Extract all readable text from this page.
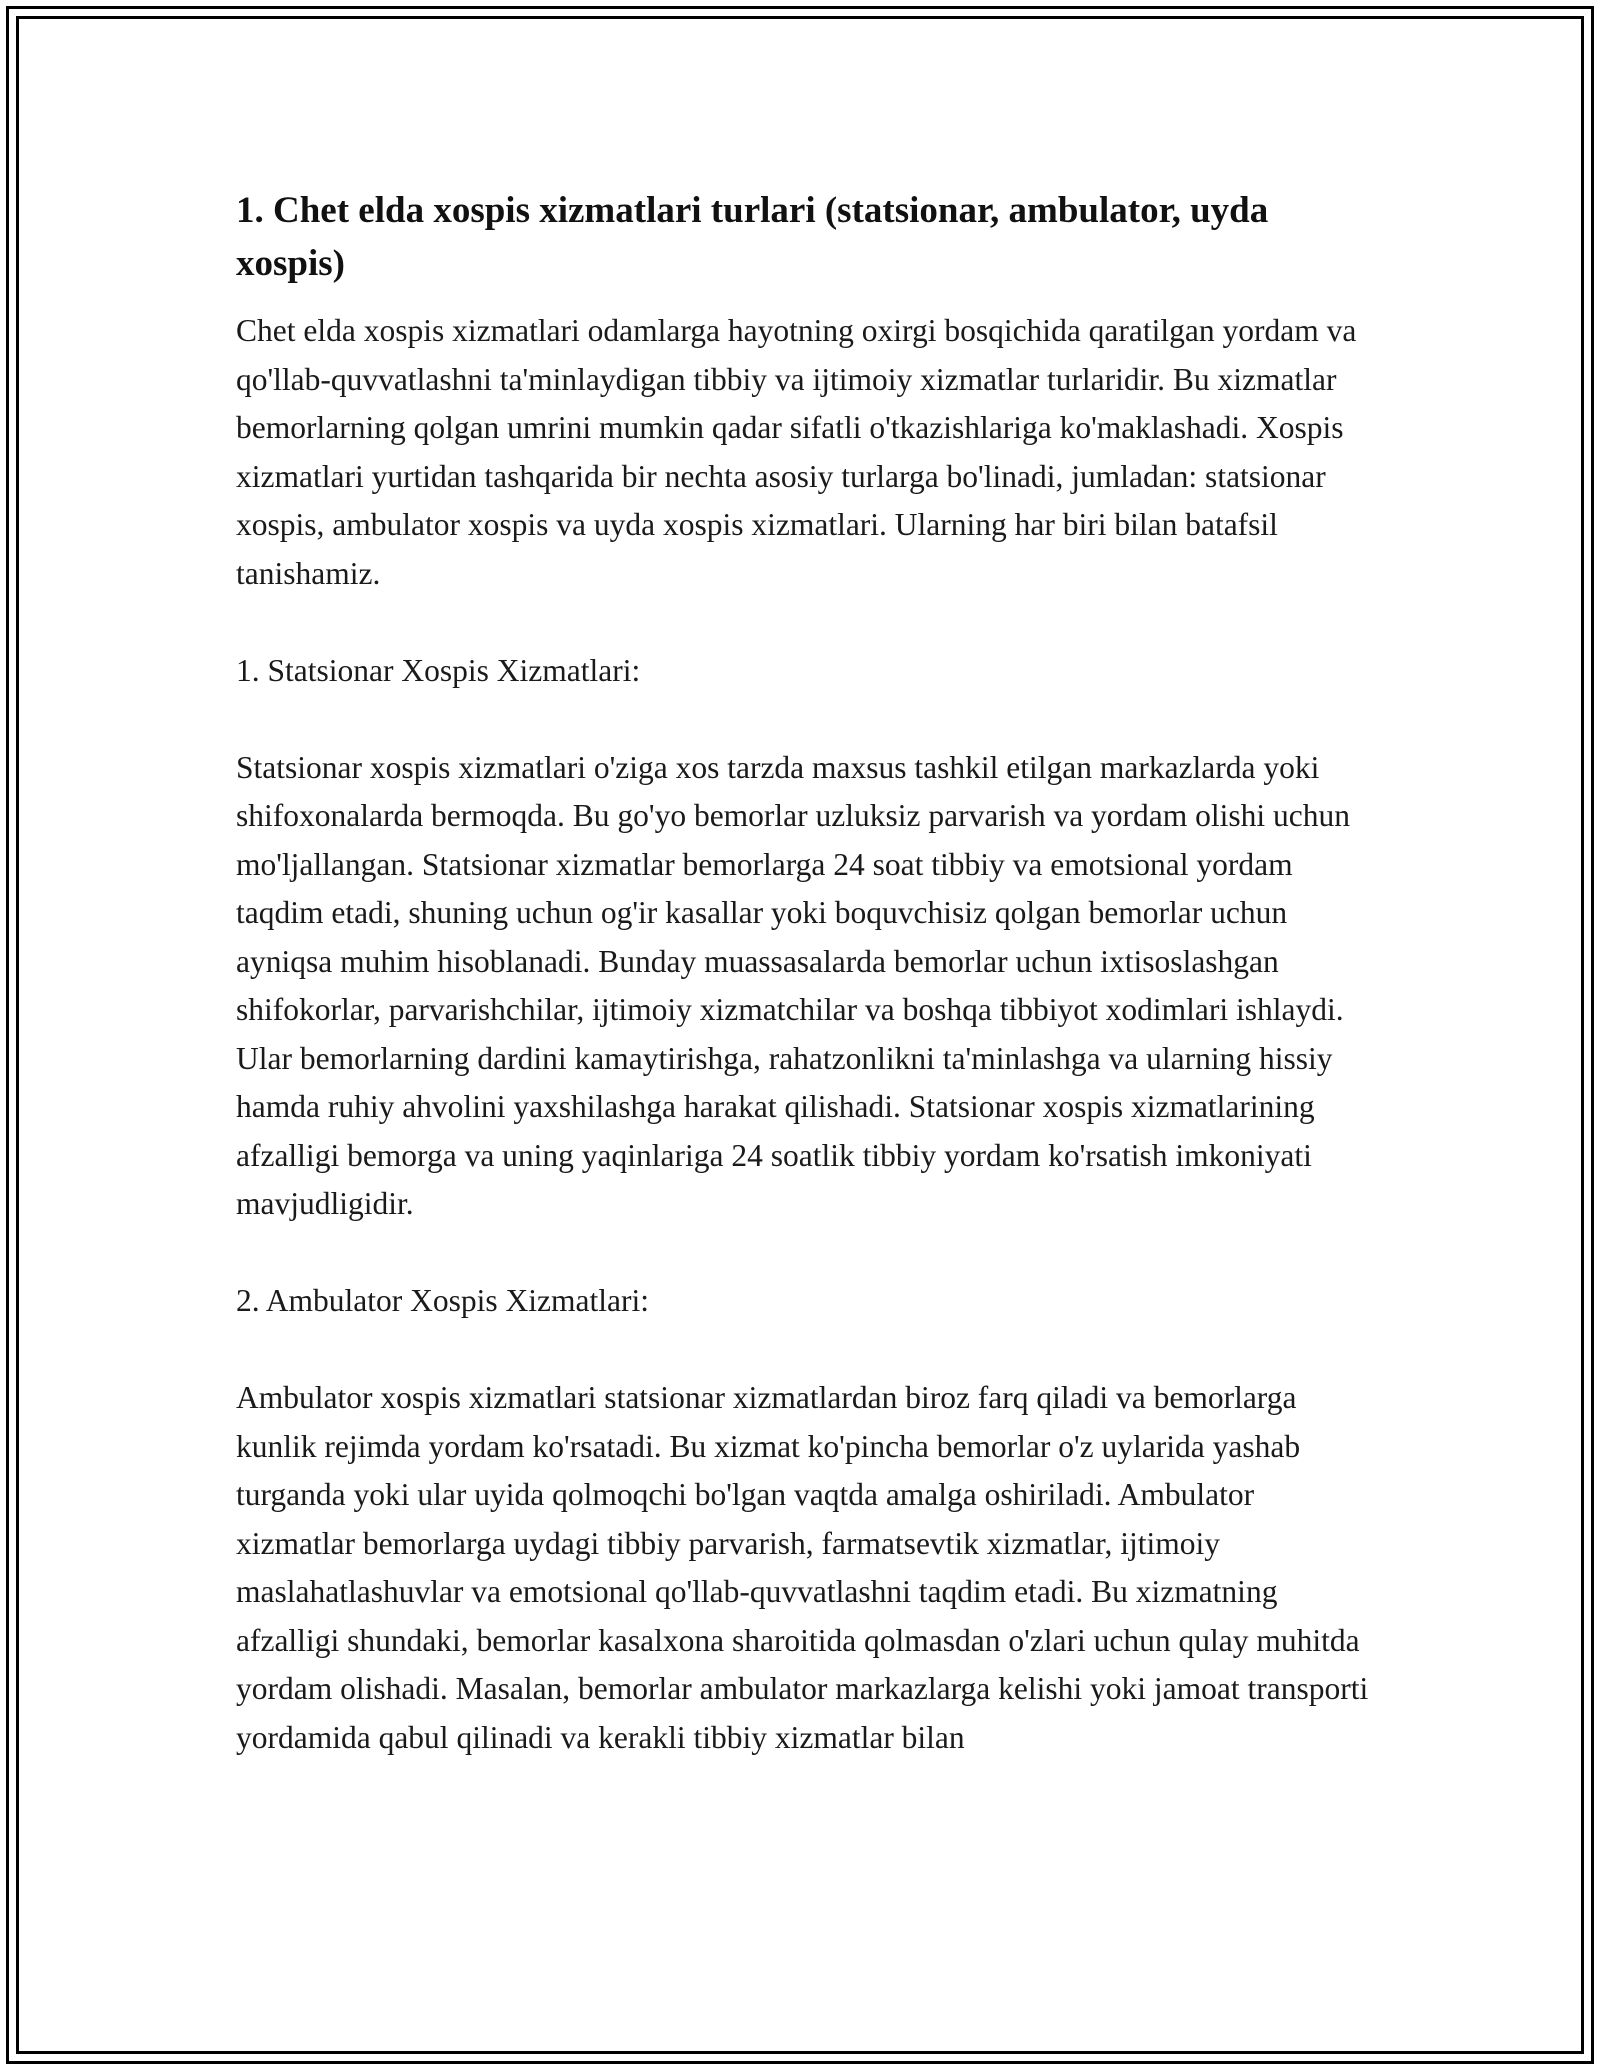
1. Chet elda xospis xizmatlari turlari (statsionar, ambulator, uyda xospis)

Chet elda xospis xizmatlari odamlarga hayotning oxirgi bosqichida qaratilgan yordam va qo'llab-quvvatlashni ta'minlaydigan tibbiy va ijtimoiy xizmatlar turlaridir. Bu xizmatlar bemorlarning qolgan umrini mumkin qadar sifatli o'tkazishlariga ko'maklashadi. Xospis xizmatlari yurtidan tashqarida bir nechta asosiy turlarga bo'linadi, jumladan: statsionar xospis, ambulator xospis va uyda xospis xizmatlari. Ularning har biri bilan batafsil tanishamiz.

1. Statsionar Xospis Xizmatlari:

Statsionar xospis xizmatlari o'ziga xos tarzda maxsus tashkil etilgan markazlarda yoki shifoxonalarda bermoqda. Bu go'yo bemorlar uzluksiz parvarish va yordam olishi uchun mo'ljallangan. Statsionar xizmatlar bemorlarga 24 soat tibbiy va emotsional yordam taqdim etadi, shuning uchun og'ir kasallar yoki boquvchisiz qolgan bemorlar uchun ayniqsa muhim hisoblanadi. Bunday muassasalarda bemorlar uchun ixtisoslashgan shifokorlar, parvarishchilar, ijtimoiy xizmatchilar va boshqa tibbiyot xodimlari ishlaydi. Ular bemorlarning dardini kamaytirishga, rahatzonlikni ta'minlashga va ularning hissiy hamda ruhiy ahvolini yaxshilashga harakat qilishadi. Statsionar xospis xizmatlarining afzalligi bemorga va uning yaqinlariga 24 soatlik tibbiy yordam ko'rsatish imkoniyati mavjudligidir.

2. Ambulator Xospis Xizmatlari:

Ambulator xospis xizmatlari statsionar xizmatlardan biroz farq qiladi va bemorlarga kunlik rejimda yordam ko'rsatadi. Bu xizmat ko'pincha bemorlar o'z uylarida yashab turganda yoki ular uyida qolmoqchi bo'lgan vaqtda amalga oshiriladi. Ambulator xizmatlar bemorlarga uydagi tibbiy parvarish, farmatsevtik xizmatlar, ijtimoiy maslahatlashuvlar va emotsional qo'llab-quvvatlashni taqdim etadi. Bu xizmatning afzalligi shundaki, bemorlar kasalxona sharoitida qolmasdan o'zlari uchun qulay muhitda yordam olishadi. Masalan, bemorlar ambulator markazlarga kelishi yoki jamoat transporti yordamida qabul qilinadi va kerakli tibbiy xizmatlar bilan
